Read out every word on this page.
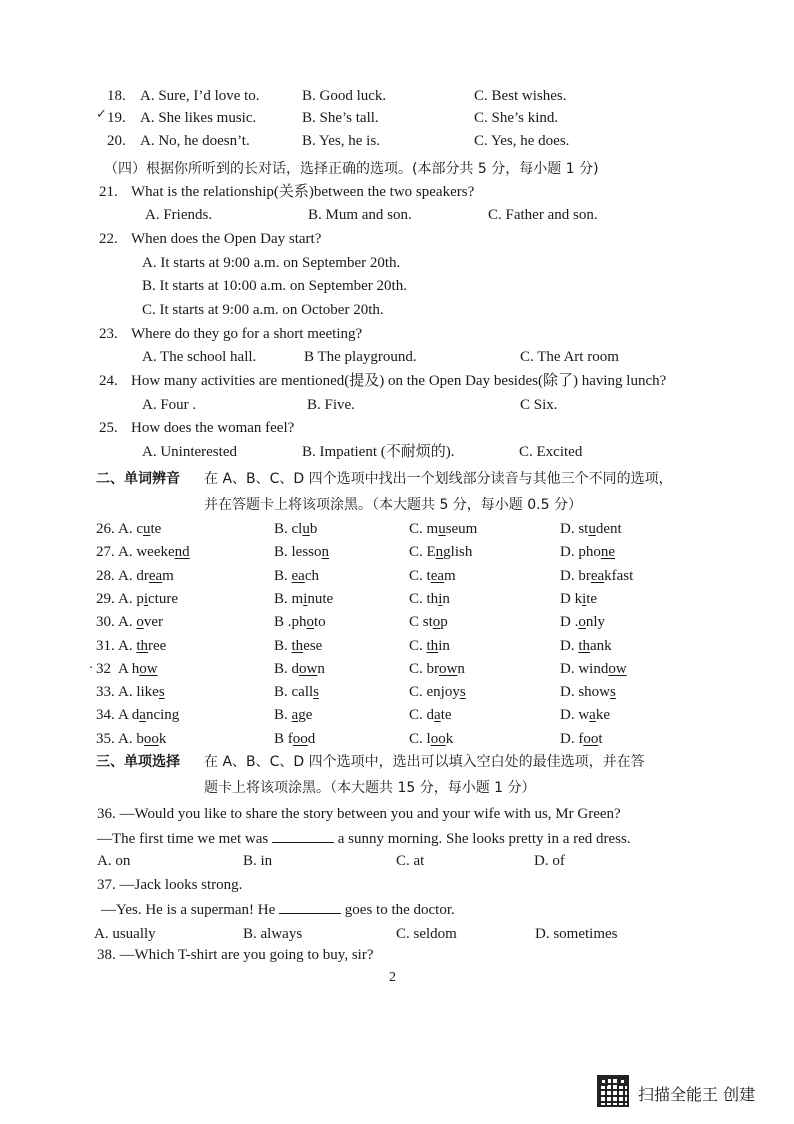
18. A. Sure, I’d love to.	B. Good luck.	C. Best wishes.
19. A. She likes music.	B. She’s tall.	C. She’s kind.
20. A. No, he doesn’t.	B. Yes, he is.	C. Yes, he does.
（四）根据你所听到的长对话，选择正确的选项。(本部分共 5 分，每小题 1 分)
21. What is the relationship(关系)between the two speakers?
A. Friends.	B. Mum and son.	C. Father and son.
22. When does the Open Day start?
A. It starts at 9:00 a.m. on September 20th.
B. It starts at 10:00 a.m. on September 20th.
C. It starts at 9:00 a.m. on October 20th.
23. Where do they go for a short meeting?
A. The school hall.	B The playground.	C. The Art room
24. How many activities are mentioned(提及) on the Open Day besides(除了) having lunch?
A. Four .	B. Five.	C Six.
25. How does the woman feel?
A. Uninterested	B. Impatient (不耐烦的).	C. Excited
二、单词辨音 在 A、B、C、D 四个选项中找出一个划线部分读音与其他三个不同的选项，
并在答题卡上将该项涂黑。（本大题共 5 分，每小题 0.5 分）
26. A. cute	B. club	C. museum	D. student
27. A. weekend	B. lesson	C. English	D. phone
28. A. dream	B. each	C. team	D. breakfast
29. A. picture	B. minute	C. thin	D kite
30. A. over	B .photo	C stop	D .only
31. A. three	B. these	C. thin	D. thank
32 A how	B. down	C. brown	D. window
33. A. likes	B. calls	C. enjoys	D. shows
34. A dancing	B. age	C. date	D. wake
35. A. book	B food	C. look	D. foot
三、单项选择 在 A、B、C、D 四个选项中，选出可以填入空白处的最佳选项，并在答
题卡上将该项涂黑。（本大题共 15 分，每小题 1 分）
36. —Would you like to share the story between you and your wife with us, Mr Green?
—The first time we met was	a sunny morning. She looks pretty in a red dress.
A. on	B. in	C. at	D. of
37. —Jack looks strong.
—Yes. He is a superman! He	goes to the doctor.
A. usually	B. always	C. seldom	D. sometimes
38. —Which T-shirt are you going to buy, sir?
2
✓
·
扫描全能王 创建
